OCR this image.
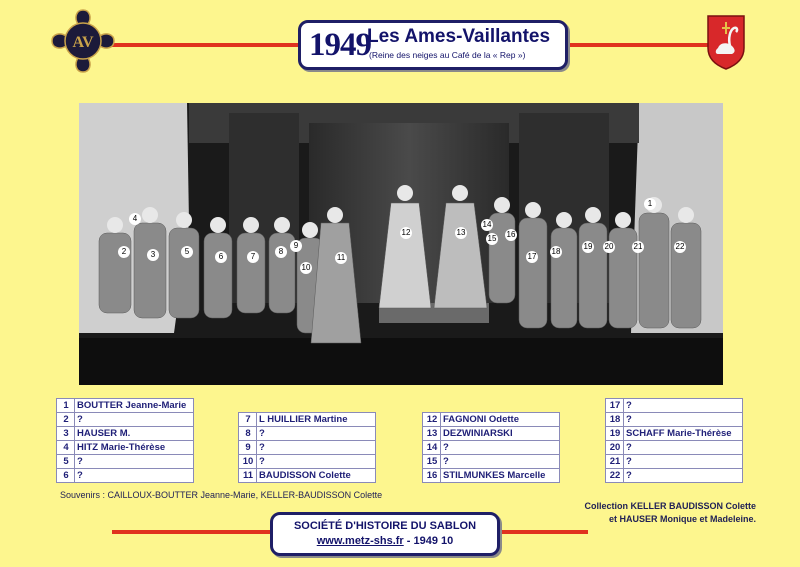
AV	1949
Les Ames-Vaillantes
(Reine des neiges au Café de la « Rep »)
1
2	3
4
5
6	7
8
9
10
11
12	13
14
15 16
17
18
19 20	21	22
1 BOUTTER Jeanne-Marie
2 ?
3 HAUSER M.
4 HITZ Marie-Thérèse
5 ?
6 ?
7 L HUILLIER Martine
8 ?
9 ?
10 ?
11 BAUDISSON Colette
12 FAGNONI Odette
13 DEZWINIARSKI
14 ?
15 ?
16 STILMUNKES Marcelle
17 ?
18 ?
19 SCHAFF Marie-Thérèse
20 ?
21 ?
22 ?
Souvenirs : CAILLOUX-BOUTTER Jeanne-Marie, KELLER-BAUDISSON Colette
Collection KELLER BAUDISSON Colette
et HAUSER Monique et Madeleine.
SOCIÉTÉ D'HISTOIRE DU SABLON
www.metz-shs.fr - 1949 10
